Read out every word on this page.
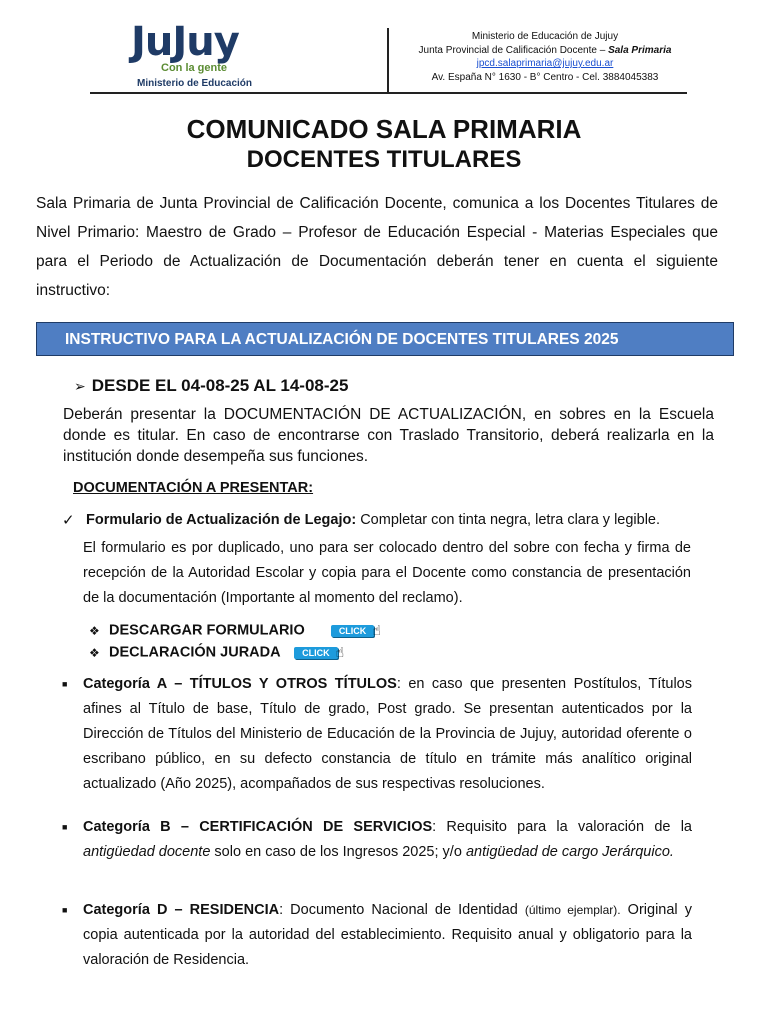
JuJuy
Con la gente
Ministerio de Educación
Ministerio de Educación de Jujuy
Junta Provincial de Calificación Docente – Sala Primaria
jpcd.salaprimaria@jujuy.edu.ar
Av. España N° 1630 - B° Centro - Cel. 3884045383
COMUNICADO SALA PRIMARIA
DOCENTES TITULARES
Sala Primaria de Junta Provincial de Calificación Docente, comunica a los Docentes Titulares de Nivel Primario: Maestro de Grado – Profesor de Educación Especial - Materias Especiales que para el Periodo de Actualización de Documentación deberán tener en cuenta el siguiente instructivo:
INSTRUCTIVO PARA LA ACTUALIZACIÓN DE DOCENTES TITULARES 2025
➢ DESDE EL 04-08-25 AL 14-08-25
Deberán presentar la DOCUMENTACIÓN DE ACTUALIZACIÓN, en sobres en la Escuela donde es titular. En caso de encontrarse con Traslado Transitorio, deberá realizarla en la institución donde desempeña sus funciones.
DOCUMENTACIÓN A PRESENTAR:
✓ Formulario de Actualización de Legajo: Completar con tinta negra, letra clara y legible.
El formulario es por duplicado, uno para ser colocado dentro del sobre con fecha y firma de recepción de la Autoridad Escolar y copia para el Docente como constancia de presentación de la documentación (Importante al momento del reclamo).
❖ DESCARGAR FORMULARIO	CLICK ☝
❖ DECLARACIÓN JURADA CLICK ☝
■ Categoría A – TÍTULOS Y OTROS TÍTULOS: en caso que presenten Postítulos, Títulos afines al Título de base, Título de grado, Post grado. Se presentan autenticados por la Dirección de Títulos del Ministerio de Educación de la Provincia de Jujuy, autoridad oferente o escribano público, en su defecto constancia de título en trámite más analítico original actualizado (Año 2025), acompañados de sus respectivas resoluciones.
■ Categoría B – CERTIFICACIÓN DE SERVICIOS: Requisito para la valoración de la antigüedad docente solo en caso de los Ingresos 2025; y/o antigüedad de cargo Jerárquico.
■ Categoría D – RESIDENCIA: Documento Nacional de Identidad (último ejemplar). Original y copia autenticada por la autoridad del establecimiento. Requisito anual y obligatorio para la valoración de Residencia.
